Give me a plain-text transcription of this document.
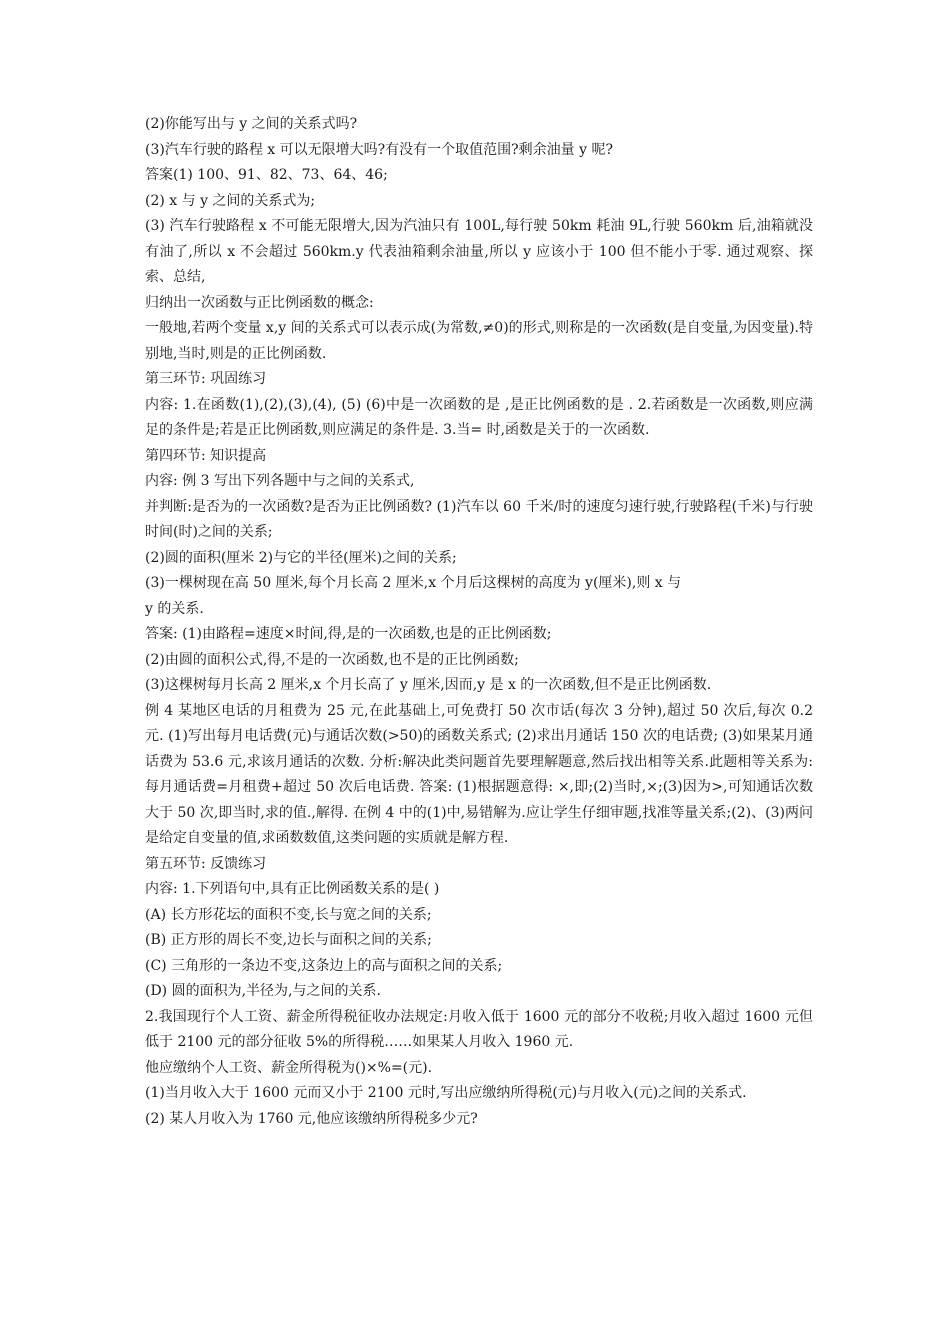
(2)你能写出与 y 之间的关系式吗?
(3)汽车行驶的路程 x 可以无限增大吗?有没有一个取值范围?剩余油量 y 呢?
答案(1) 100、91、82、73、64、46;
(2) x 与 y 之间的关系式为;
(3) 汽车行驶路程 x 不可能无限增大,因为汽油只有 100L,每行驶 50km 耗油 9L,行驶 560km 后,油箱就没有油了,所以 x 不会超过 560km.y 代表油箱剩余油量,所以 y 应该小于 100 但不能小于零. 通过观察、探索、总结,
归纳出一次函数与正比例函数的概念:
一般地,若两个变量 x,y 间的关系式可以表示成(为常数,≠0)的形式,则称是的一次函数(是自变量,为因变量).特别地,当时,则是的正比例函数.
第三环节: 巩固练习
内容: 1.在函数(1),(2),(3),(4), (5) (6)中是一次函数的是 ,是正比例函数的是 . 2.若函数是一次函数,则应满足的条件是;若是正比例函数,则应满足的条件是. 3.当= 时,函数是关于的一次函数.
第四环节: 知识提高
内容: 例 3 写出下列各题中与之间的关系式,
并判断:是否为的一次函数?是否为正比例函数? (1)汽车以 60 千米/时的速度匀速行驶,行驶路程(千米)与行驶时间(时)之间的关系;
(2)圆的面积(厘米 2)与它的半径(厘米)之间的关系;
(3)一棵树现在高 50 厘米,每个月长高 2 厘米,x 个月后这棵树的高度为 y(厘米),则 x 与
y 的关系.
答案: (1)由路程=速度×时间,得,是的一次函数,也是的正比例函数;
(2)由圆的面积公式,得,不是的一次函数,也不是的正比例函数;
(3)这棵树每月长高 2 厘米,x 个月长高了 y 厘米,因而,y 是 x 的一次函数,但不是正比例函数.
例 4 某地区电话的月租费为 25 元,在此基础上,可免费打 50 次市话(每次 3 分钟),超过 50 次后,每次 0.2 元. (1)写出每月电话费(元)与通话次数(>50)的函数关系式; (2)求出月通话 150 次的电话费; (3)如果某月通话费为 53.6 元,求该月通话的次数. 分析:解决此类问题首先要理解题意,然后找出相等关系.此题相等关系为:每月通话费=月租费+超过 50 次后电话费. 答案: (1)根据题意得: ×,即;(2)当时,×;(3)因为>,可知通话次数大于 50 次,即当时,求的值.,解得. 在例 4 中的(1)中,易错解为.应让学生仔细审题,找准等量关系;(2)、(3)两问是给定自变量的值,求函数数值,这类问题的实质就是解方程.
第五环节: 反馈练习
内容: 1.下列语句中,具有正比例函数关系的是( )
(A) 长方形花坛的面积不变,长与宽之间的关系;
(B) 正方形的周长不变,边长与面积之间的关系;
(C) 三角形的一条边不变,这条边上的高与面积之间的关系;
(D) 圆的面积为,半径为,与之间的关系.
2.我国现行个人工资、薪金所得税征收办法规定:月收入低于 1600 元的部分不收税;月收入超过 1600 元但低于 2100 元的部分征收 5%的所得税……如果某人月收入 1960 元.
他应缴纳个人工资、薪金所得税为()×%=(元).
(1)当月收入大于 1600 元而又小于 2100 元时,写出应缴纳所得税(元)与月收入(元)之间的关系式.
(2) 某人月收入为 1760 元,他应该缴纳所得税多少元?
